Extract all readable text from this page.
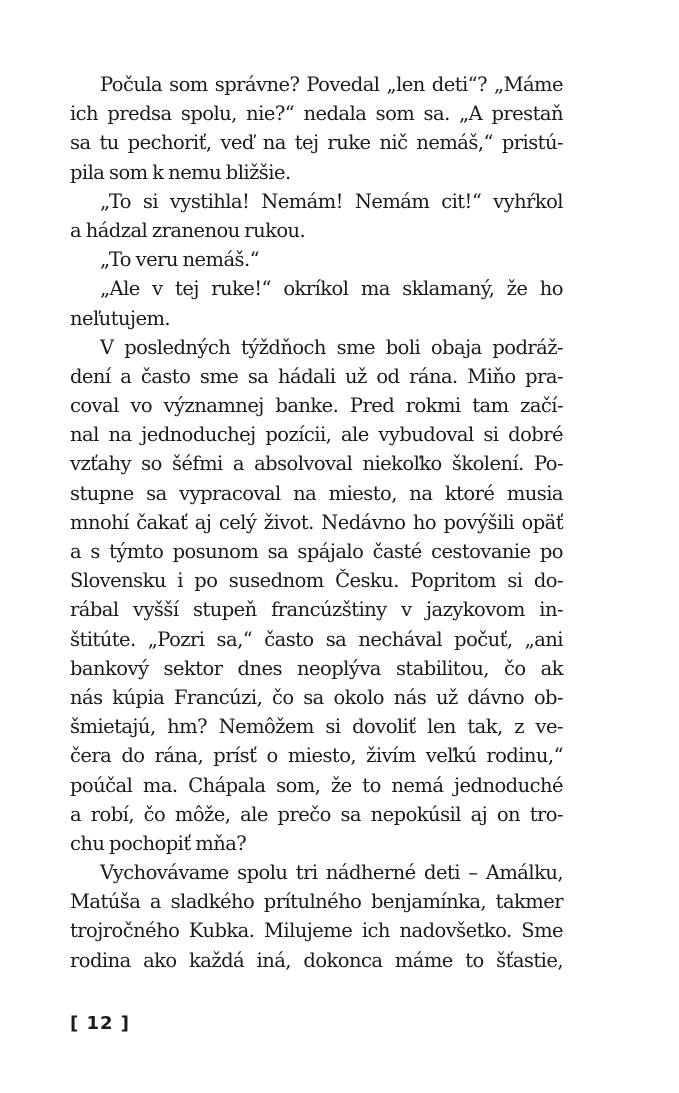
Počula som správne? Povedal „len deti“? „Máme
ich predsa spolu, nie?“ nedala som sa. „A prestaň
sa tu pechoriť, veď na tej ruke nič nemáš,“ pristú-
pila som k nemu bližšie.
„To si vystihla! Nemám! Nemám cit!“ vyhŕkol
a hádzal zranenou rukou.
„To veru nemáš.“
„Ale v tej ruke!“ okríkol ma sklamaný, že ho
neľutujem.
V posledných týždňoch sme boli obaja podráž-
dení a často sme sa hádali už od rána. Miňo pra-
coval vo významnej banke. Pred rokmi tam začí-
nal na jednoduchej pozícii, ale vybudoval si dobré
vzťahy so šéfmi a absolvoval niekoľko školení. Po-
stupne sa vypracoval na miesto, na ktoré musia
mnohí čakať aj celý život. Nedávno ho povýšili opäť
a s týmto posunom sa spájalo časté cestovanie po
Slovensku i po susednom Česku. Popritom si do-
rábal vyšší stupeň francúzštiny v jazykovom in-
štitúte. „Pozri sa,“ často sa nechával počuť, „ani
bankový sektor dnes neoplýva stabilitou, čo ak
nás kúpia Francúzi, čo sa okolo nás už dávno ob-
šmietajú, hm? Nemôžem si dovoliť len tak, z ve-
čera do rána, prísť o miesto, živím veľkú rodinu,“
poúčal ma. Chápala som, že to nemá jednoduché
a robí, čo môže, ale prečo sa nepokúsil aj on tro-
chu pochopiť mňa?
Vychovávame spolu tri nádherné deti – Amálku,
Matúša a sladkého prítulného benjamínka, takmer
trojročného Kubka. Milujeme ich nadovšetko. Sme
rodina ako každá iná, dokonca máme to šťastie,
[ 12 ]
